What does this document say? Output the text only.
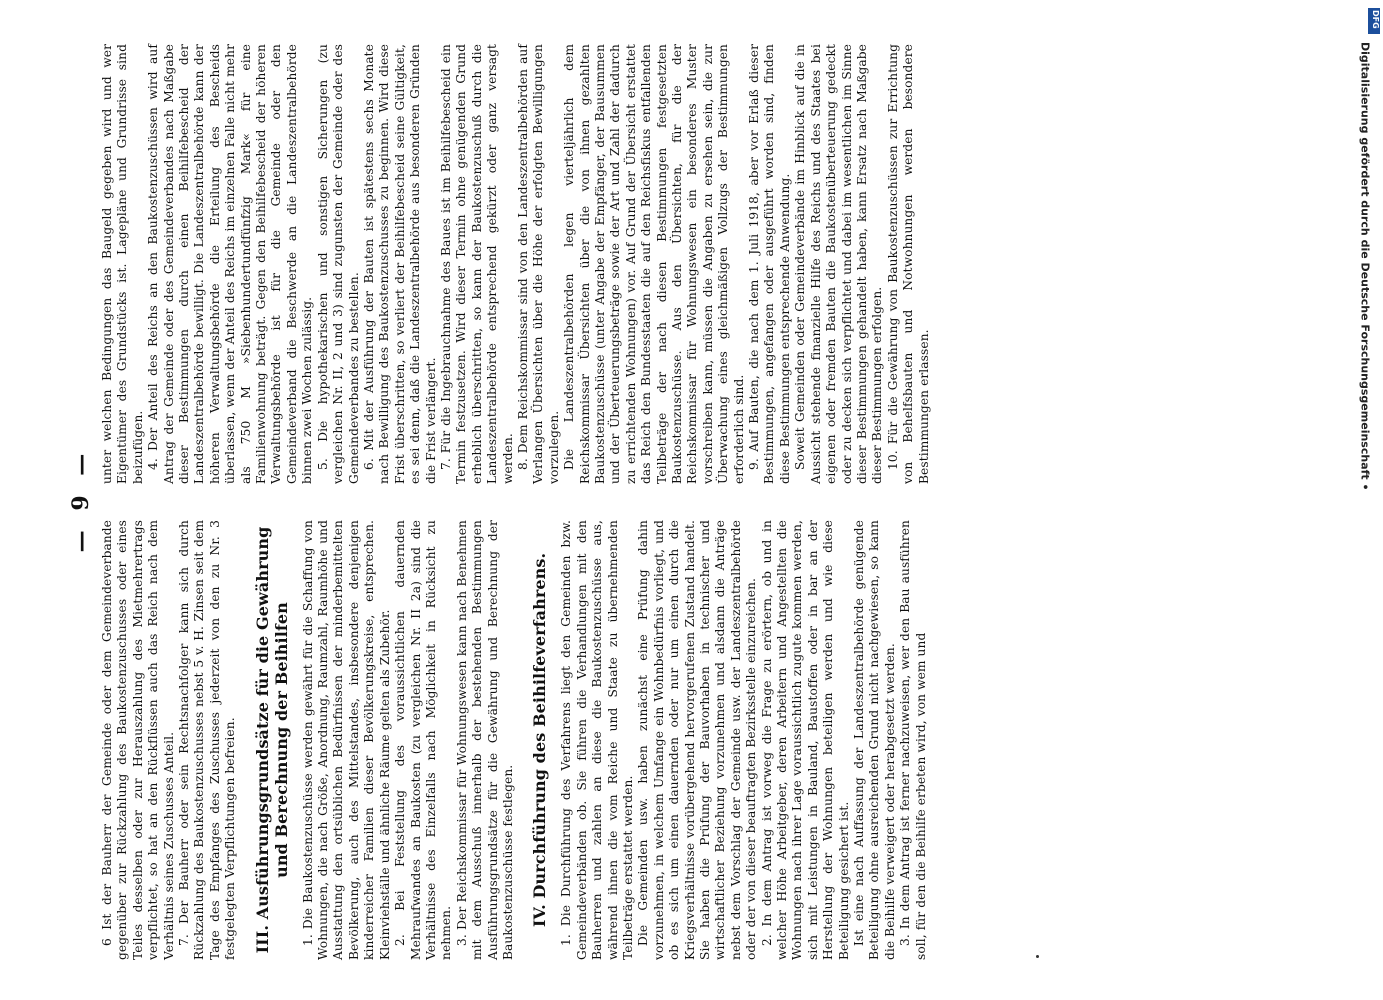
— 9 —

6 Ist der Bauherr der Gemeinde oder dem Gemeindeverbande gegenüber zur Rückzahlung des Baukostenzuschusses oder eines Teiles desselben oder zur Herauszahlung des Mietmehrertrags verpflichtet, so hat an den Rückflüssen auch das Reich nach dem Verhältnis seines Zuschusses Anteil. 7. Der Bauherr oder sein Rechtsnachfolger kann sich durch Rückzahlung des Baukostenzuschusses nebst 5 v. H. Zinsen seit dem Tage des Empfanges des Zuschusses jederzeit von den zu Nr. 3 festgelegten Verpflichtungen befreien. III. Ausführungsgrundsätze für die Gewährung und Berechnung der Beihilfen 1. Die Baukostenzuschüsse werden gewährt für die Schaffung von Wohnungen, die nach Größe, Anordnung, Raumzahl, Raumhöhe und Ausstattung den ortsüblichen Bedürfnissen der minderbemittelten Bevölkerung, auch des Mittelstandes, insbesondere denjenigen kinderreicher Familien dieser Bevölkerungskreise, entsprechen. Kleinviehställe und ähnliche Räume gelten als Zubehör. 2. Bei Feststellung des voraussichtlichen dauernden Mehraufwandes an Baukosten (zu vergleichen Nr. II 2a) sind die Verhältnisse des Einzelfalls nach Möglichkeit in Rücksicht zu nehmen. 3. Der Reichskommissar für Wohnungswesen kann nach Benehmen mit dem Ausschuß innerhalb der bestehenden Bestimmungen Ausführungsgrundsätze für die Gewährung und Berechnung der Baukostenzuschüsse festlegen. IV. Durchführung des Beihilfeverfahrens. 1. Die Durchführung des Verfahrens liegt den Gemeinden bzw. Gemeindeverbänden ob. Sie führen die Verhandlungen mit den Bauherren und zahlen an diese die Baukostenzuschüsse aus, während ihnen die vom Reiche und Staate zu übernehmenden Teilbeträge erstattet werden. Die Gemeinden usw. haben zunächst eine Prüfung dahin vorzunehmen, in welchem Umfange ein Wohnbedürfnis vorliegt, und ob es sich um einen dauernden oder nur um einen durch die Kriegsverhältnisse vorübergehend hervorgerufenen Zustand handelt. Sie haben die Prüfung der Bauvorhaben in technischer und wirtschaftlicher Beziehung vorzunehmen und alsdann die Anträge nebst dem Vorschlag der Gemeinde usw. der Landeszentralbehörde oder der von dieser beauftragten Bezirksstelle einzureichen. 2. In dem Antrag ist vorweg die Frage zu erörtern, ob und in welcher Höhe Arbeitgeber, deren Arbeitern und Angestellten die Wohnungen nach ihrer Lage voraussichtlich zugute kommen werden, sich mit Leistungen in Bauland, Baustoffen oder in bar an der Herstellung der Wohnungen beteiligen werden und wie diese Beteiligung gesichert ist. Ist eine nach Auffassung der Landeszentralbehörde genügende Beteiligung ohne ausreichenden Grund nicht nachgewiesen, so kann die Beihilfe verweigert oder herabgesetzt werden. 3. In dem Antrag ist ferner nachzuweisen, wer den Bau ausführen soll, für den die Beihilfe erbeten wird, von wem und

unter welchen Bedingungen das Baugeld gegeben wird und wer Eigentümer des Grundstücks ist. Lagepläne und Grundrisse sind beizufügen. 4. Der Anteil des Reichs an den Baukostenzuschüssen wird auf Antrag der Gemeinde oder des Gemeindeverbandes nach Maßgabe dieser Bestimmungen durch einen Beihilfebescheid der Landeszentralbehörde bewilligt. Die Landeszentralbehörde kann der höheren Verwaltungsbehörde die Erteilung des Bescheids überlassen, wenn der Anteil des Reichs im einzelnen Falle nicht mehr als 750 M »Siebenhundertundfünfzig Mark« für eine Familienwohnung beträgt. Gegen den Beihilfebescheid der höheren Verwaltungsbehörde ist für die Gemeinde oder den Gemeindeverband die Beschwerde an die Landeszentralbehörde binnen zwei Wochen zulässig. 5. Die hypothekarischen und sonstigen Sicherungen (zu vergleichen Nr. II, 2 und 3) sind zugunsten der Gemeinde oder des Gemeindeverbandes zu bestellen. 6. Mit der Ausführung der Bauten ist spätestens sechs Monate nach Bewilligung des Baukostenzuschusses zu beginnen. Wird diese Frist überschritten, so verliert der Beihilfebescheid seine Gültigkeit, es sei denn, daß die Landeszentralbehörde aus besonderen Gründen die Frist verlängert. 7. Für die Ingebrauchnahme des Baues ist im Beihilfebescheid ein Termin festzusetzen. Wird dieser Termin ohne genügenden Grund erheblich überschritten, so kann der Baukostenzuschuß durch die Landeszentralbehörde entsprechend gekürzt oder ganz versagt werden. 8. Dem Reichskommissar sind von den Landeszentralbehörden auf Verlangen Übersichten über die Höhe der erfolgten Bewilligungen vorzulegen. Die Landeszentralbehörden legen vierteljährlich dem Reichskommissar Übersichten über die von ihnen gezahlten Baukostenzuschüsse (unter Angabe der Empfänger, der Bausummen und der Überteuerungsbeträge sowie der Art und Zahl der dadurch zu errichtenden Wohnungen) vor. Auf Grund der Übersicht erstattet das Reich den Bundesstaaten die auf den Reichsfiskus entfallenden Teilbeträge der nach diesen Bestimmungen festgesetzten Baukostenzuschüsse. Aus den Übersichten, für die der Reichskommissar für Wohnungswesen ein besonderes Muster vorschreiben kann, müssen die Angaben zu ersehen sein, die zur Überwachung eines gleichmäßigen Vollzugs der Bestimmungen erforderlich sind. 9. Auf Bauten, die nach dem 1. Juli 1918, aber vor Erlaß dieser Bestimmungen, angefangen oder ausgeführt worden sind, finden diese Bestimmungen entsprechende Anwendung. Soweit Gemeinden oder Gemeindeverbände im Hinblick auf die in Aussicht stehende finanzielle Hilfe des Reichs und des Staates bei eigenen oder fremden Bauten die Baukostenüberteuerung gedeckt oder zu decken sich verpflichtet und dabei im wesentlichen im Sinne dieser Bestimmungen gehandelt haben, kann Ersatz nach Maßgabe dieser Bestimmungen erfolgen. 10. Für die Gewährung von Baukostenzuschüssen zur Errichtung von Behelfsbauten und Notwohnungen werden besondere Bestimmungen erlassen.

DFG
Digitalisierung gefördert durch die Deutsche Forschungsgemeinschaft •
